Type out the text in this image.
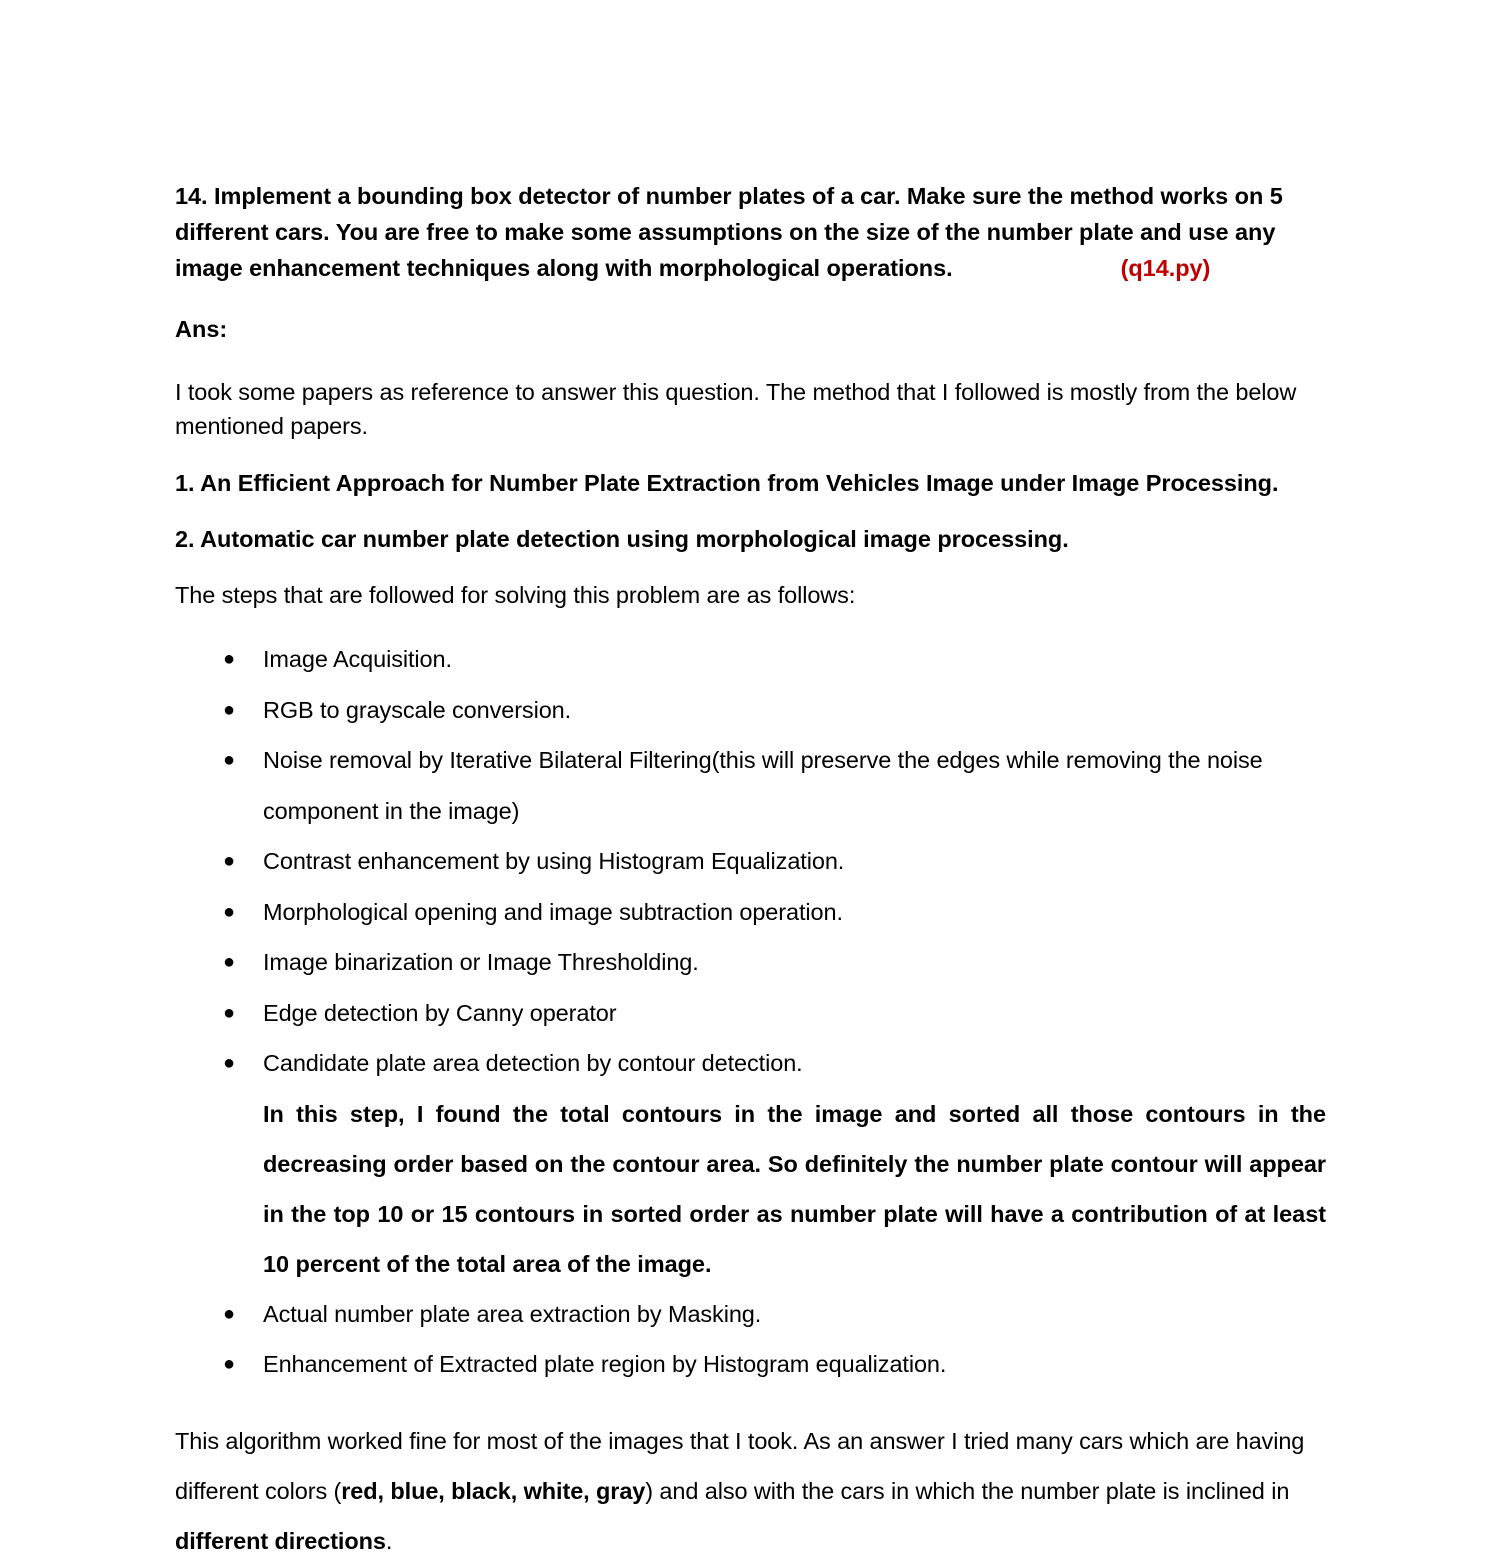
14. Implement a bounding box detector of number plates of a car. Make sure the method works on 5 different cars. You are free to make some assumptions on the size of the number plate and use any image enhancement techniques along with morphological operations.	(q14.py)

Ans:

I took some papers as reference to answer this question. The method that I followed is mostly from the below mentioned papers.

1. An Efficient Approach for Number Plate Extraction from Vehicles Image under Image Processing.

2. Automatic car number plate detection using morphological image processing.

The steps that are followed for solving this problem are as follows:

● Image Acquisition.
● RGB to grayscale conversion.
● Noise removal by Iterative Bilateral Filtering(this will preserve the edges while removing the noise component in the image)
● Contrast enhancement by using Histogram Equalization.
● Morphological opening and image subtraction operation.
● Image binarization or Image Thresholding.
● Edge detection by Canny operator
● Candidate plate area detection by contour detection.
In this step, I found the total contours in the image and sorted all those contours in the decreasing order based on the contour area. So definitely the number plate contour will appear in the top 10 or 15 contours in sorted order as number plate will have a contribution of at least 10 percent of the total area of the image.
● Actual number plate area extraction by Masking.
● Enhancement of Extracted plate region by Histogram equalization.

This algorithm worked fine for most of the images that I took. As an answer I tried many cars which are having different colors (red, blue, black, white, gray) and also with the cars in which the number plate is inclined in different directions.
